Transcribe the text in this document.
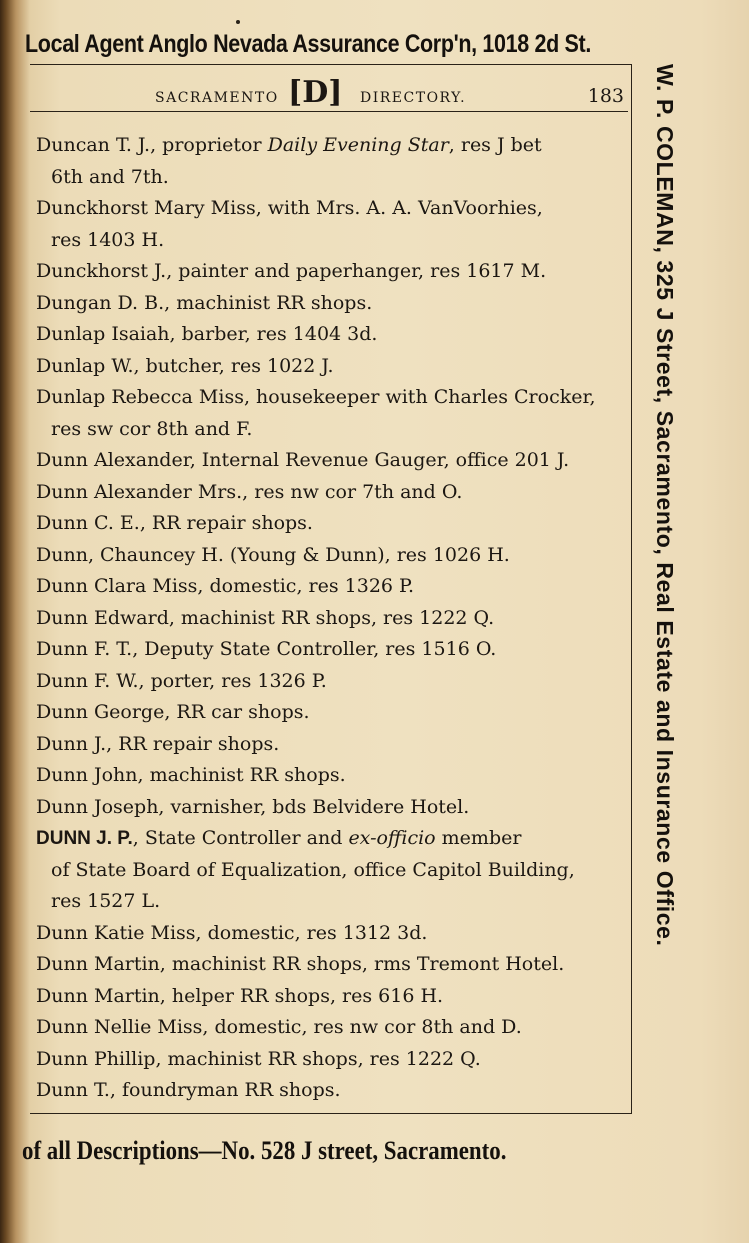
Local Agent Anglo Nevada Assurance Corp'n, 1018 2d St.
SACRAMENTO [D] DIRECTORY.	183
Duncan T. J., proprietor Daily Evening Star, res J bet
6th and 7th.
Dunckhorst Mary Miss, with Mrs. A. A. VanVoorhies,
res 1403 H.
Dunckhorst J., painter and paperhanger, res 1617 M.
Dungan D. B., machinist RR shops.
Dunlap Isaiah, barber, res 1404 3d.
Dunlap W., butcher, res 1022 J.
Dunlap Rebecca Miss, housekeeper with Charles Crocker,
res sw cor 8th and F.
Dunn Alexander, Internal Revenue Gauger, office 201 J.
Dunn Alexander Mrs., res nw cor 7th and O.
Dunn C. E., RR repair shops.
Dunn, Chauncey H. (Young & Dunn), res 1026 H.
Dunn Clara Miss, domestic, res 1326 P.
Dunn Edward, machinist RR shops, res 1222 Q.
Dunn F. T., Deputy State Controller, res 1516 O.
Dunn F. W., porter, res 1326 P.
Dunn George, RR car shops.
Dunn J., RR repair shops.
Dunn John, machinist RR shops.
Dunn Joseph, varnisher, bds Belvidere Hotel.
DUNN J. P., State Controller and ex-officio member
of State Board of Equalization, office Capitol Building,
res 1527 L.
Dunn Katie Miss, domestic, res 1312 3d.
Dunn Martin, machinist RR shops, rms Tremont Hotel.
Dunn Martin, helper RR shops, res 616 H.
Dunn Nellie Miss, domestic, res nw cor 8th and D.
Dunn Phillip, machinist RR shops, res 1222 Q.
Dunn T., foundryman RR shops.
W. P. COLEMAN, 325 J Street, Sacramento, Real Estate and Insurance Office.
of all Descriptions—No. 528 J street, Sacramento.
